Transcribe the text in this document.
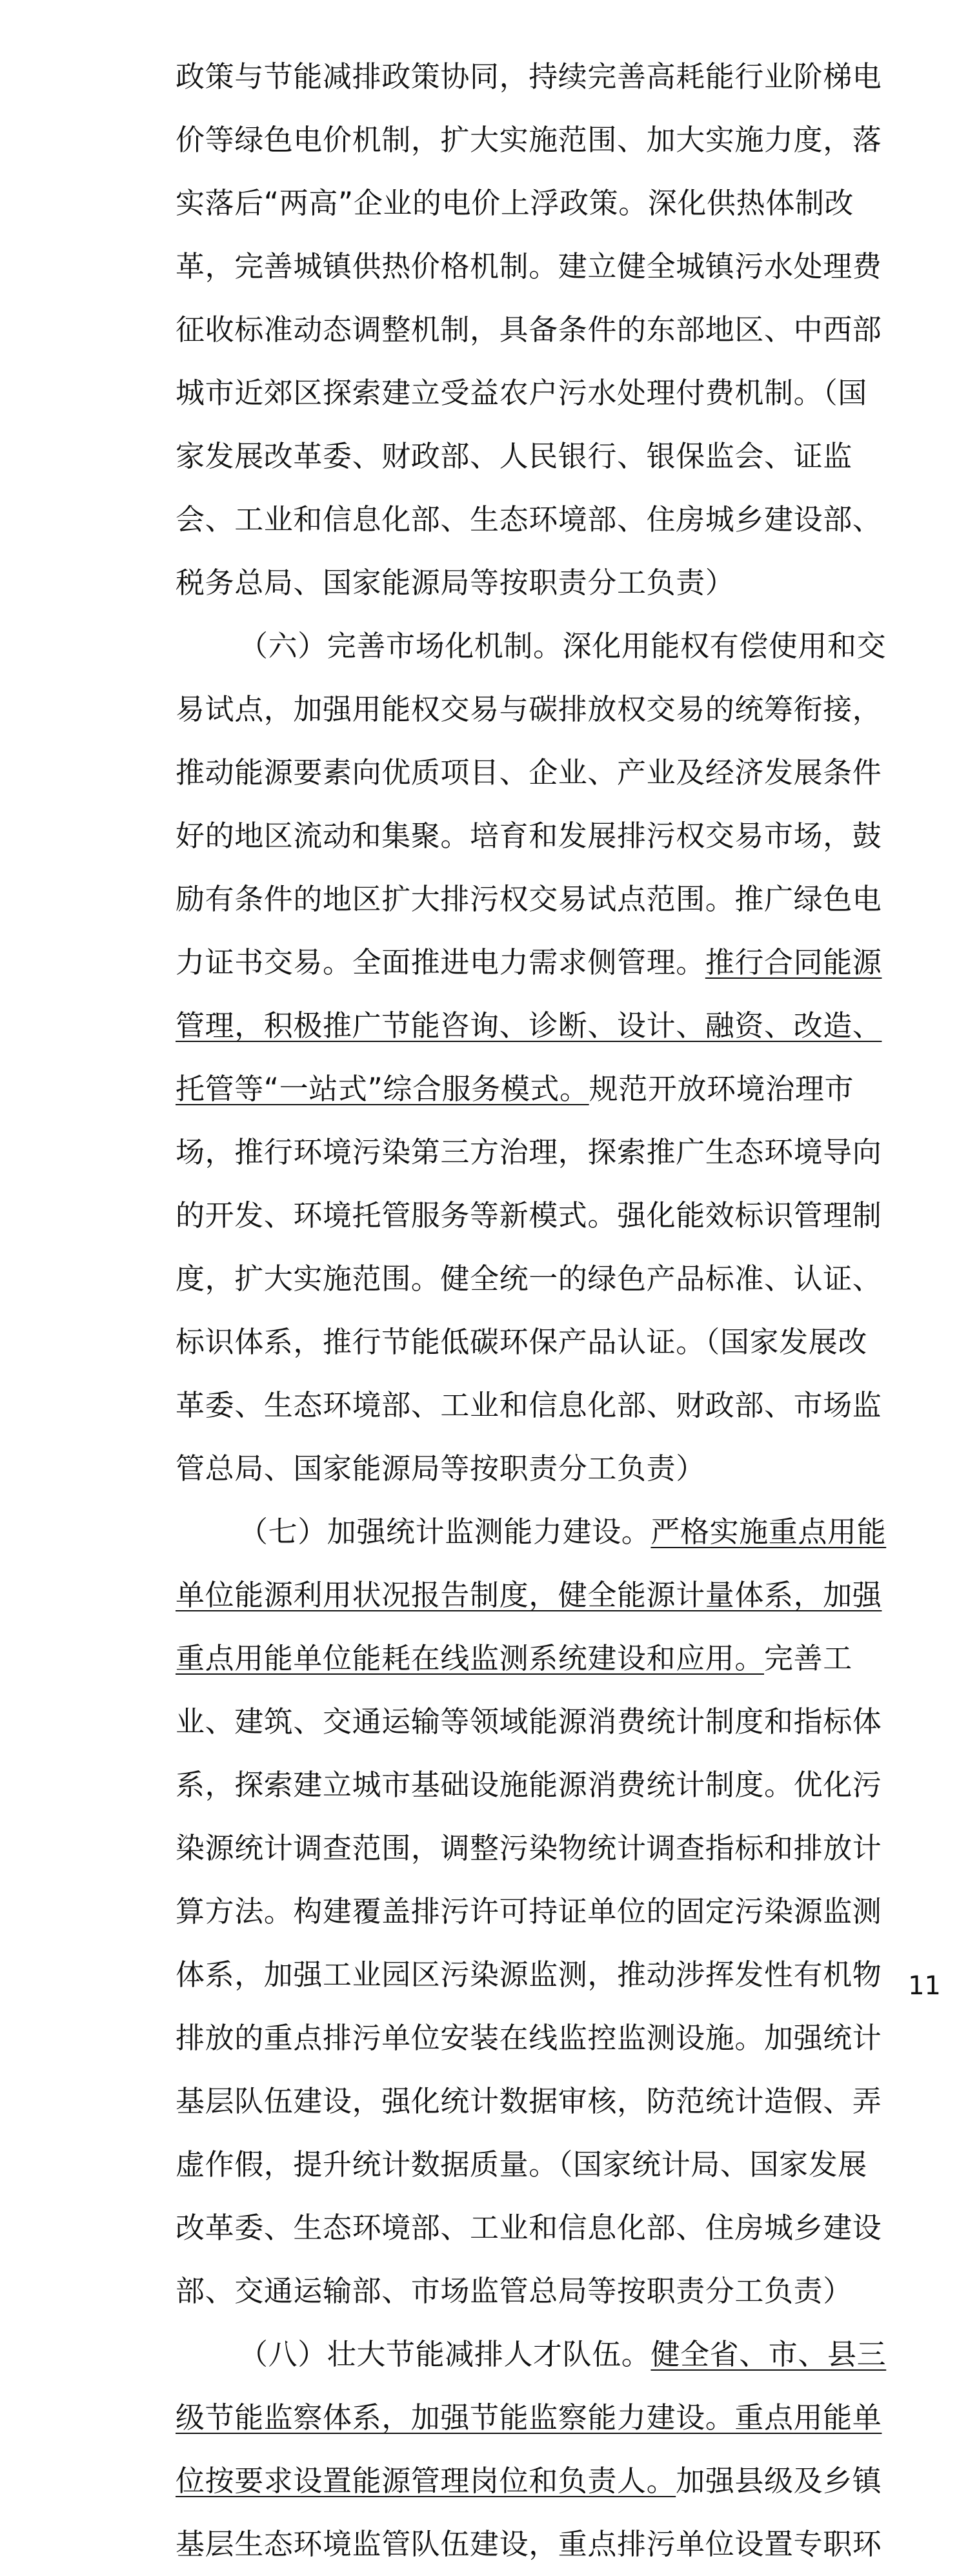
政策与节能减排政策协同，持续完善高耗能行业阶梯电
价等绿色电价机制，扩大实施范围、加大实施力度，落
实落后“两高”企业的电价上浮政策。深化供热体制改
革，完善城镇供热价格机制。建立健全城镇污水处理费
征收标准动态调整机制，具备条件的东部地区、中西部
城市近郊区探索建立受益农户污水处理付费机制。（国
家发展改革委、财政部、人民银行、银保监会、证监
会、工业和信息化部、生态环境部、住房城乡建设部、
税务总局、国家能源局等按职责分工负责）
（六）完善市场化机制。深化用能权有偿使用和交
易试点，加强用能权交易与碳排放权交易的统筹衔接，
推动能源要素向优质项目、企业、产业及经济发展条件
好的地区流动和集聚。培育和发展排污权交易市场，鼓
励有条件的地区扩大排污权交易试点范围。推广绿色电
力证书交易。全面推进电力需求侧管理。推行合同能源
管理，积极推广节能咨询、诊断、设计、融资、改造、
托管等“一站式”综合服务模式。规范开放环境治理市
场，推行环境污染第三方治理，探索推广生态环境导向
的开发、环境托管服务等新模式。强化能效标识管理制
度，扩大实施范围。健全统一的绿色产品标准、认证、
标识体系，推行节能低碳环保产品认证。（国家发展改
革委、生态环境部、工业和信息化部、财政部、市场监
管总局、国家能源局等按职责分工负责）
（七）加强统计监测能力建设。严格实施重点用能
单位能源利用状况报告制度，健全能源计量体系，加强
重点用能单位能耗在线监测系统建设和应用。完善工
业、建筑、交通运输等领域能源消费统计制度和指标体
系，探索建立城市基础设施能源消费统计制度。优化污
染源统计调查范围，调整污染物统计调查指标和排放计
算方法。构建覆盖排污许可持证单位的固定污染源监测
体系，加强工业园区污染源监测，推动涉挥发性有机物
排放的重点排污单位安装在线监控监测设施。加强统计
基层队伍建设，强化统计数据审核，防范统计造假、弄
虚作假，提升统计数据质量。（国家统计局、国家发展
改革委、生态环境部、工业和信息化部、住房城乡建设
部、交通运输部、市场监管总局等按职责分工负责）
（八）壮大节能减排人才队伍。健全省、市、县三
级节能监察体系，加强节能监察能力建设。重点用能单
位按要求设置能源管理岗位和负责人。加强县级及乡镇
基层生态环境监管队伍建设，重点排污单位设置专职环
11
